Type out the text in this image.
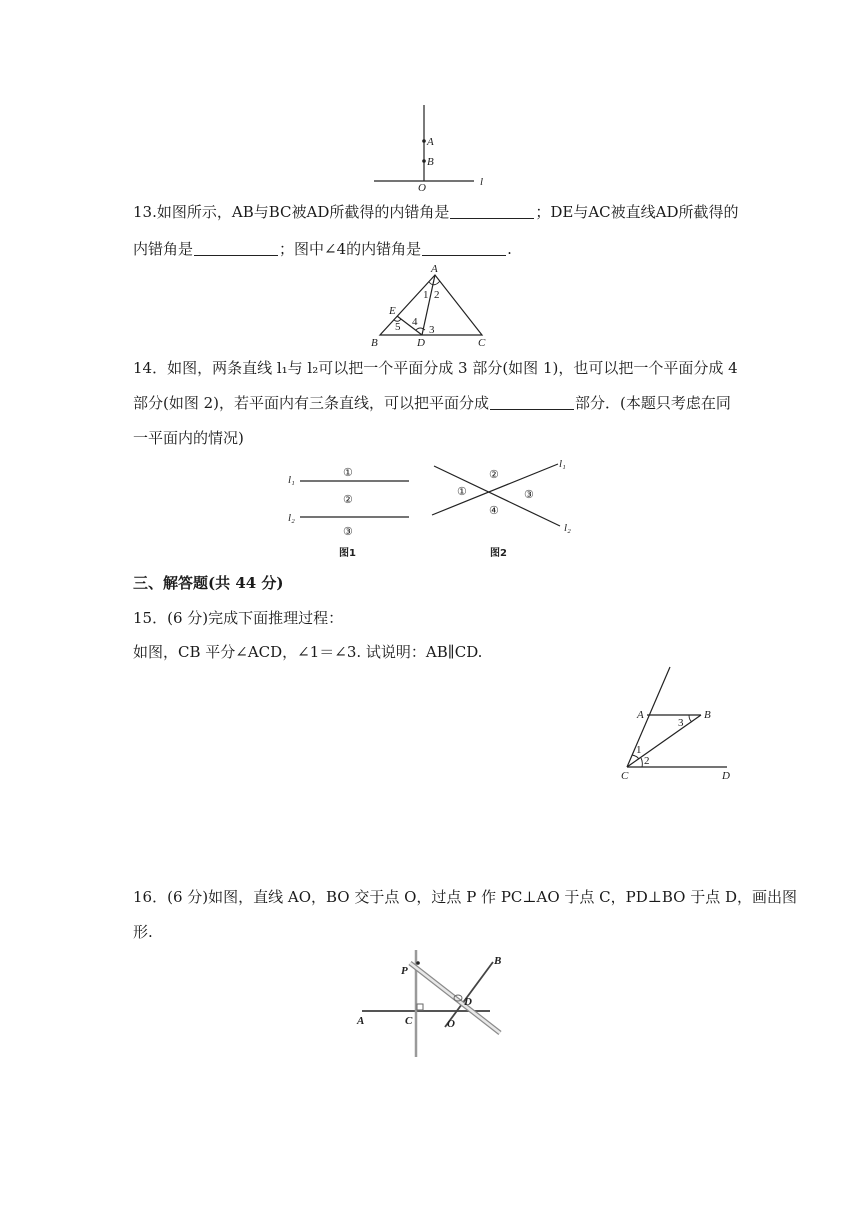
A
B
O	l
13.如图所示，AB与BC被AD所截得的内错角是	；DE与AC被直线AD所截得的
内错角是	；图中∠4的内错角是	.
A
B	C
D
E
1 2
3
4
5
14．如图，两条直线 l₁与 l₂可以把一个平面分成 3 部分(如图 1)，也可以把一个平面分成 4
部分(如图 2)，若平面内有三条直线，可以把平面分成	部分．(本题只考虑在同
一平面内的情况)
l₁
l₂
①
②
③
图1
l₁
l₂
②
①	③
④
图2
三、解答题(共 44 分)
15．(6 分)完成下面推理过程：
如图，CB 平分∠ACD，∠1＝∠3. 试说明：AB∥CD.
A	B
C	D
1
2
3
16．(6 分)如图，直线 AO，BO 交于点 O，过点 P 作 PC⊥AO 于点 C，PD⊥BO 于点 D，画出图
形.
P
B
A	C	O
D
